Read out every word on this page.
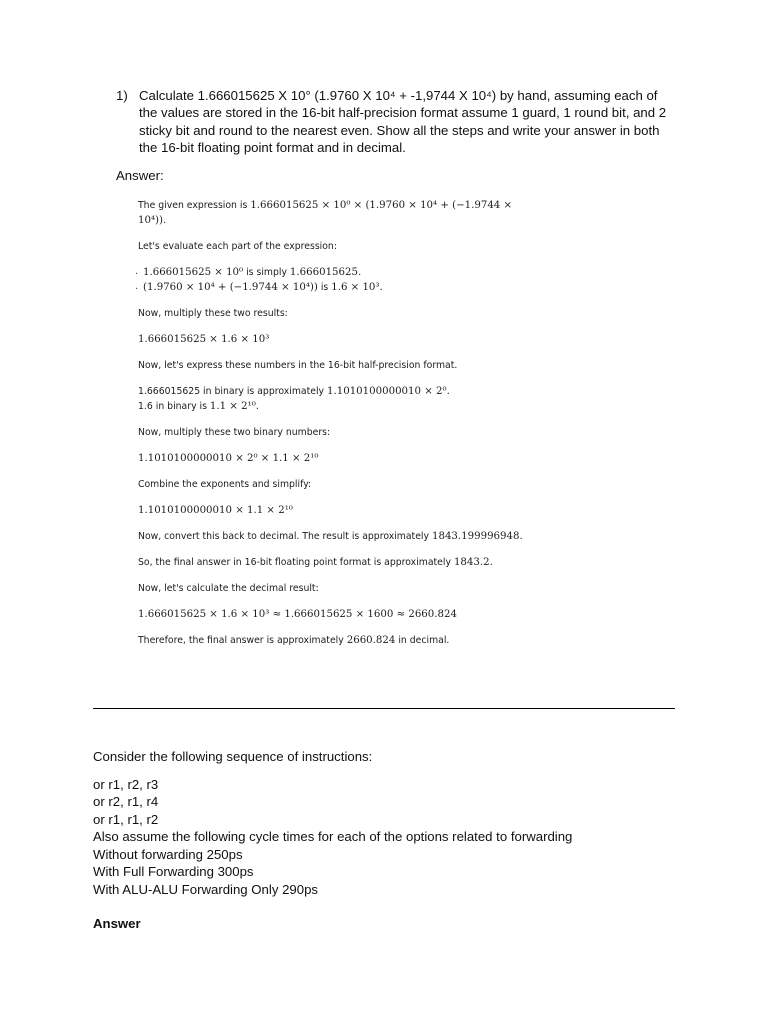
1) Calculate 1.666015625 X 10° (1.9760 X 10⁴ + -1,9744 X 10⁴) by hand, assuming each of the values are stored in the 16-bit half-precision format assume 1 guard, 1 round bit, and 2 sticky bit and round to the nearest even. Show all the steps and write your answer in both the 16-bit floating point format and in decimal.
Answer:

The given expression is 1.666015625 × 10⁰ × (1.9760 × 10⁴ + (−1.9744 × 10⁴)).

Let's evaluate each part of the expression:

. 1.666015625 × 10⁰ is simply 1.666015625.

. (1.9760 × 10⁴ + (−1.9744 × 10⁴)) is 1.6 × 10³.

Now, multiply these two results:

1.666015625 × 1.6 × 10³

Now, let's express these numbers in the 16-bit half-precision format.

1.666015625 in binary is approximately 1.1010100000010 × 2⁰.

1.6 in binary is 1.1 × 2¹⁰.

Now, multiply these two binary numbers:

1.1010100000010 × 2⁰ × 1.1 × 2¹⁰

Combine the exponents and simplify:

1.1010100000010 × 1.1 × 2¹⁰

Now, convert this back to decimal. The result is approximately 1843.199996948.

So, the final answer in 16-bit floating point format is approximately 1843.2.

Now, let's calculate the decimal result:

1.666015625 × 1.6 × 10³ ≈ 1.666015625 × 1600 ≈ 2660.824

Therefore, the final answer is approximately 2660.824 in decimal.

Consider the following sequence of instructions:
or r1, r2, r3
or r2, r1, r4
or r1, r1, r2
Also assume the following cycle times for each of the options related to forwarding
Without forwarding 250ps
With Full Forwarding 300ps
With ALU-ALU Forwarding Only 290ps
Answer
